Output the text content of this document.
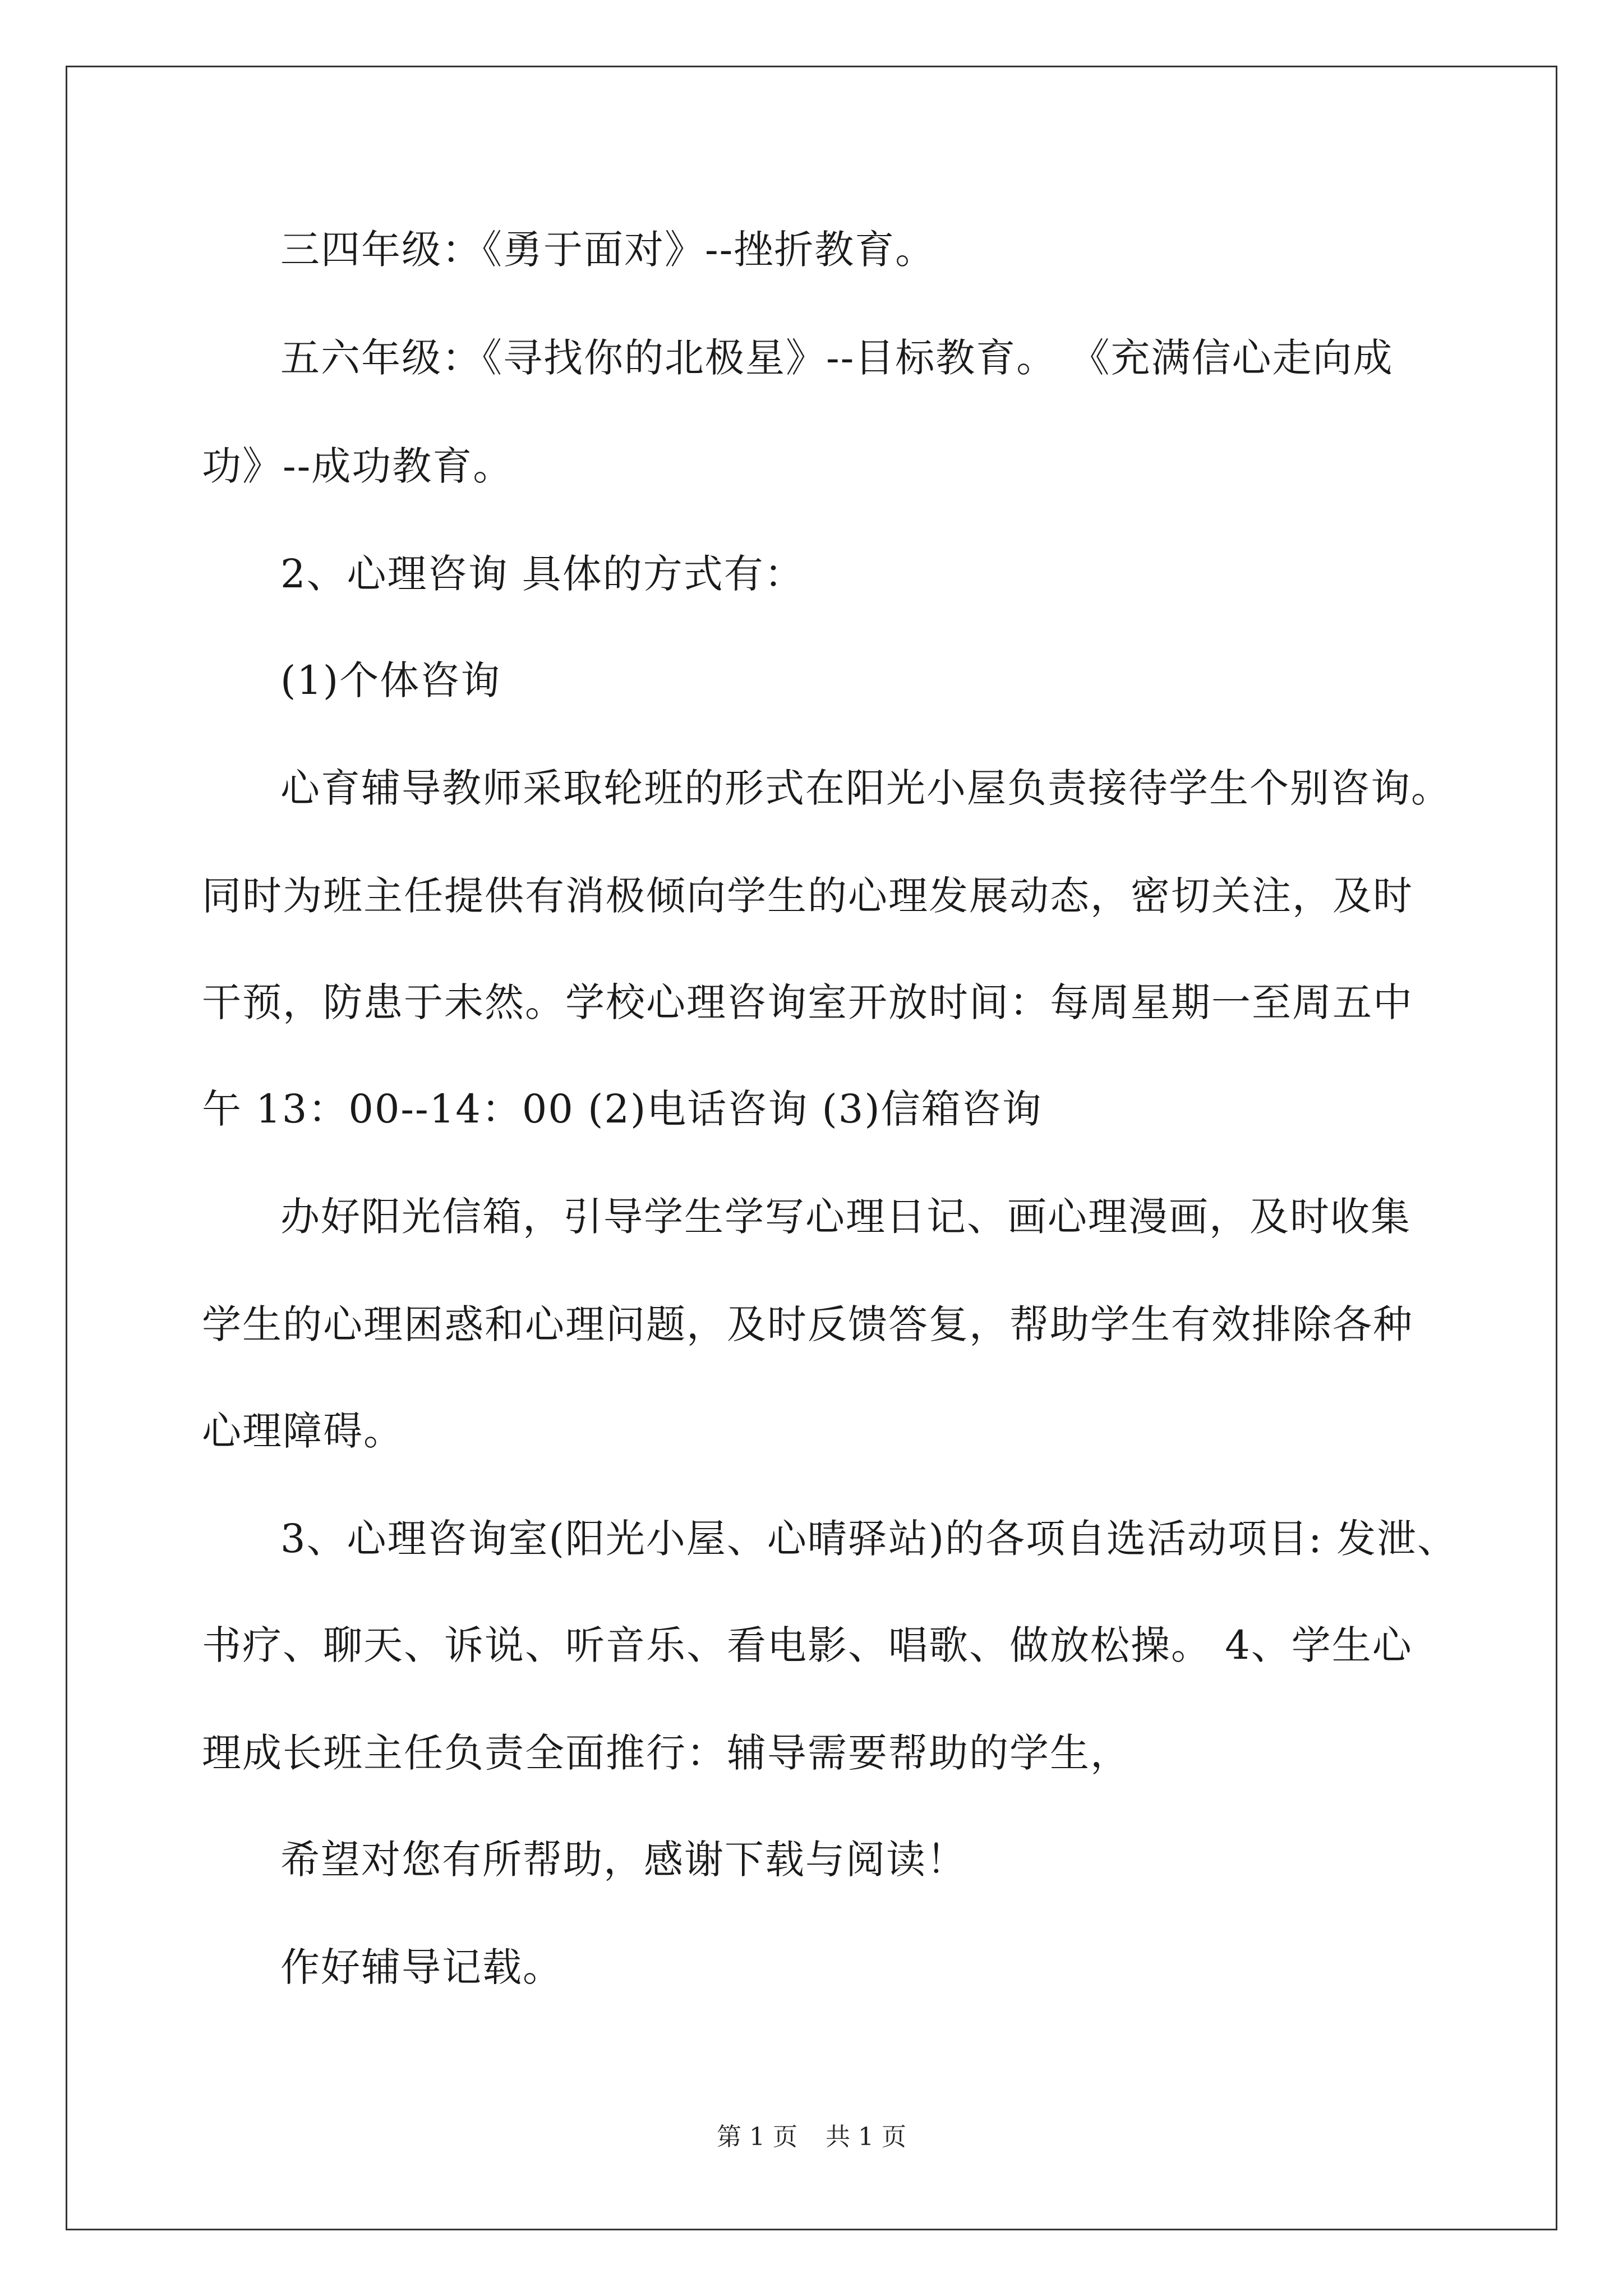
三四年级：《勇于面对》--挫折教育。
五六年级：《寻找你的北极星》--目标教育。 《充满信心走向成
功》--成功教育。
2、心理咨询 具体的方式有：
(1)个体咨询
心育辅导教师采取轮班的形式在阳光小屋负责接待学生个别咨询。
同时为班主任提供有消极倾向学生的心理发展动态，密切关注，及时
干预，防患于未然。学校心理咨询室开放时间：每周星期一至周五中
午 13：00--14：00 (2)电话咨询 (3)信箱咨询
办好阳光信箱，引导学生学写心理日记、画心理漫画，及时收集
学生的心理困惑和心理问题，及时反馈答复，帮助学生有效排除各种
心理障碍。
3、心理咨询室(阳光小屋、心晴驿站)的各项自选活动项目: 发泄、
书疗、聊天、诉说、听音乐、看电影、唱歌、做放松操。 4、学生心
理成长班主任负责全面推行：辅导需要帮助的学生，
希望对您有所帮助，感谢下载与阅读！
作好辅导记载。
第 1 页 共 1 页
